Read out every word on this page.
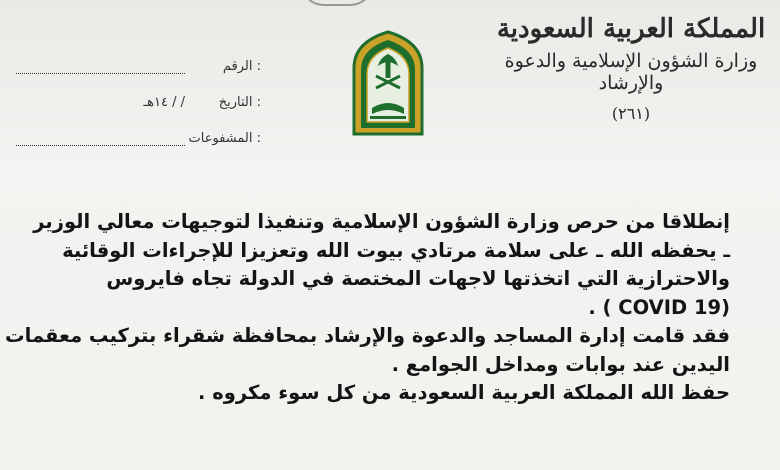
المملكة العربية السعودية
وزارة الشؤون الإسلامية والدعوة والإرشاد
(٢٦١)
: الرقم
: التاريخ
/ / ١٤هـ
: المشفوعات

إنطلاقا من حرص وزارة الشؤون الإسلامية وتنفيذا لتوجيهات معالي الوزير

ـ يحفظه الله ـ على سلامة مرتادي بيوت الله وتعزيزا للإجراءات الوقائية

والاحترازية التي اتخذتها لاجهات المختصة في الدولة تجاه فايروس

. ( COVID 19)

فقد قامت إدارة المساجد والدعوة والإرشاد بمحافظة شقراء بتركيب معقمات

اليدين عند بوابات ومداخل الجوامع .

حفظ الله المملكة العربية السعودية من كل سوء مكروه .
